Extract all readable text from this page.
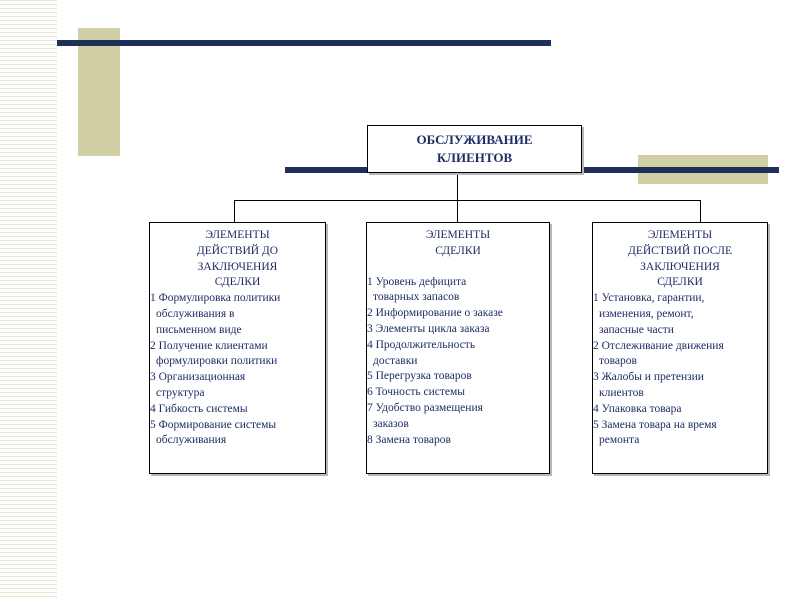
ОБСЛУЖИВАНИЕ
КЛИЕНТОВ
ЭЛЕМЕНТЫ
ДЕЙСТВИЙ ДО
ЗАКЛЮЧЕНИЯ
СДЕЛКИ
1 Формулировка политики
обслуживания в
письменном виде
2 Получение клиентами
формулировки политики
3 Организационная
структура
4 Гибкость системы
5 Формирование системы
обслуживания
ЭЛЕМЕНТЫ
СДЕЛКИ
1 Уровень дефицита
товарных запасов
2 Информирование о заказе
3 Элементы цикла заказа
4 Продолжительность
доставки
5 Перегрузка товаров
6 Точность системы
7 Удобство размещения
заказов
8 Замена товаров
ЭЛЕМЕНТЫ
ДЕЙСТВИЙ ПОСЛЕ
ЗАКЛЮЧЕНИЯ
СДЕЛКИ
1 Установка, гарантии,
изменения, ремонт,
запасные части
2 Отслеживание движения
товаров
3 Жалобы и претензии
клиентов
4 Упаковка товара
5 Замена товара на время
ремонта
